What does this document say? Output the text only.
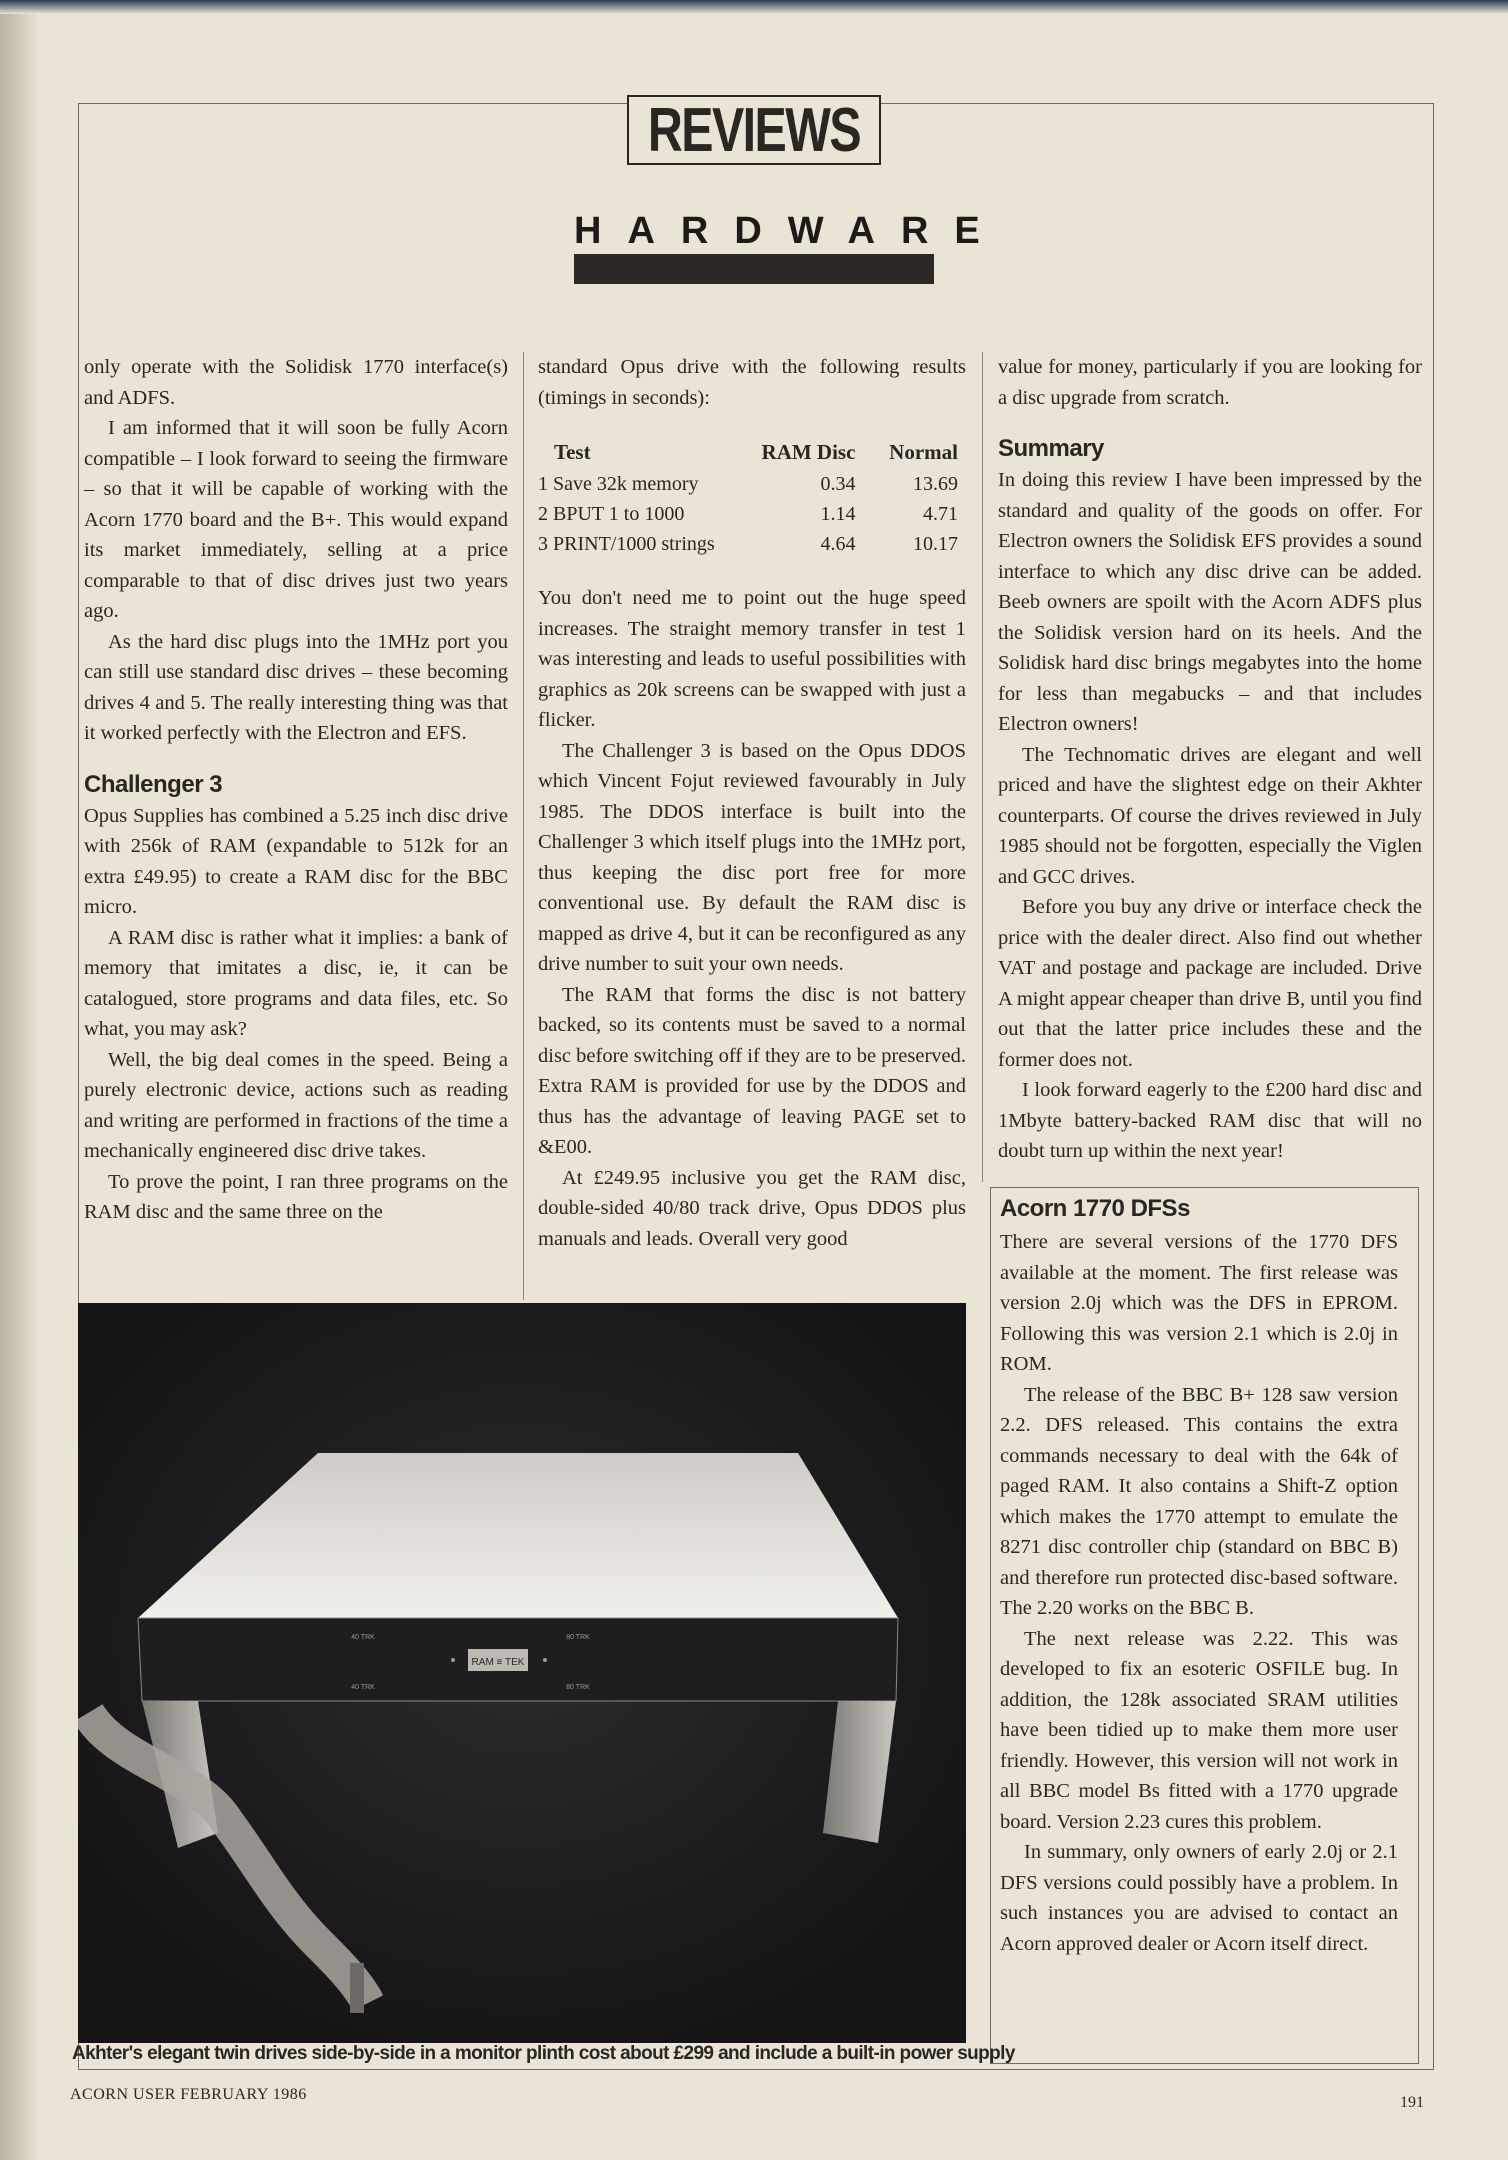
REVIEWS
HARDWARE

only operate with the Solidisk 1770 interface(s) and ADFS.

I am informed that it will soon be fully Acorn compatible – I look forward to seeing the firmware – so that it will be capable of working with the Acorn 1770 board and the B+. This would expand its market immediately, selling at a price comparable to that of disc drives just two years ago.

As the hard disc plugs into the 1MHz port you can still use standard disc drives – these becoming drives 4 and 5. The really interesting thing was that it worked perfectly with the Electron and EFS.

Challenger 3

Opus Supplies has combined a 5.25 inch disc drive with 256k of RAM (expandable to 512k for an extra £49.95) to create a RAM disc for the BBC micro.

A RAM disc is rather what it implies: a bank of memory that imitates a disc, ie, it can be catalogued, store programs and data files, etc. So what, you may ask?

Well, the big deal comes in the speed. Being a purely electronic device, actions such as reading and writing are performed in fractions of the time a mechanically engineered disc drive takes.

To prove the point, I ran three programs on the RAM disc and the same three on the

standard Opus drive with the following results (timings in seconds):

Test	RAM Disc	Normal
1 Save 32k memory	0.34	13.69
2 BPUT 1 to 1000	1.14	4.71
3 PRINT/1000 strings	4.64	10.17

You don't need me to point out the huge speed increases. The straight memory transfer in test 1 was interesting and leads to useful possibilities with graphics as 20k screens can be swapped with just a flicker.

The Challenger 3 is based on the Opus DDOS which Vincent Fojut reviewed favourably in July 1985. The DDOS interface is built into the Challenger 3 which itself plugs into the 1MHz port, thus keeping the disc port free for more conventional use. By default the RAM disc is mapped as drive 4, but it can be reconfigured as any drive number to suit your own needs.

The RAM that forms the disc is not battery backed, so its contents must be saved to a normal disc before switching off if they are to be preserved. Extra RAM is provided for use by the DDOS and thus has the advantage of leaving PAGE set to &E00.

At £249.95 inclusive you get the RAM disc, double-sided 40/80 track drive, Opus DDOS plus manuals and leads. Overall very good

value for money, particularly if you are looking for a disc upgrade from scratch.

Summary

In doing this review I have been impressed by the standard and quality of the goods on offer. For Electron owners the Solidisk EFS provides a sound interface to which any disc drive can be added. Beeb owners are spoilt with the Acorn ADFS plus the Solidisk version hard on its heels. And the Solidisk hard disc brings megabytes into the home for less than megabucks – and that includes Electron owners!

The Technomatic drives are elegant and well priced and have the slightest edge on their Akhter counterparts. Of course the drives reviewed in July 1985 should not be forgotten, especially the Viglen and GCC drives.

Before you buy any drive or interface check the price with the dealer direct. Also find out whether VAT and postage and package are included. Drive A might appear cheaper than drive B, until you find out that the latter price includes these and the former does not.

I look forward eagerly to the £200 hard disc and 1Mbyte battery-backed RAM disc that will no doubt turn up within the next year!

Acorn 1770 DFSs

There are several versions of the 1770 DFS available at the moment. The first release was version 2.0j which was the DFS in EPROM. Following this was version 2.1 which is 2.0j in ROM.

The release of the BBC B+ 128 saw version 2.2. DFS released. This contains the extra commands necessary to deal with the 64k of paged RAM. It also contains a Shift-Z option which makes the 1770 attempt to emulate the 8271 disc controller chip (standard on BBC B) and therefore run protected disc-based software. The 2.20 works on the BBC B.

The next release was 2.22. This was developed to fix an esoteric OSFILE bug. In addition, the 128k associated SRAM utilities have been tidied up to make them more user friendly. However, this version will not work in all BBC model Bs fitted with a 1770 upgrade board. Version 2.23 cures this problem.

In summary, only owners of early 2.0j or 2.1 DFS versions could possibly have a problem. In such instances you are advised to contact an Acorn approved dealer or Acorn itself direct.

RAM ≡ TEK
40 TRK	80 TRK
40 TRK	80 TRK
Akhter's elegant twin drives side-by-side in a monitor plinth cost about £299 and include a built-in power supply
ACORN USER FEBRUARY 1986	191
